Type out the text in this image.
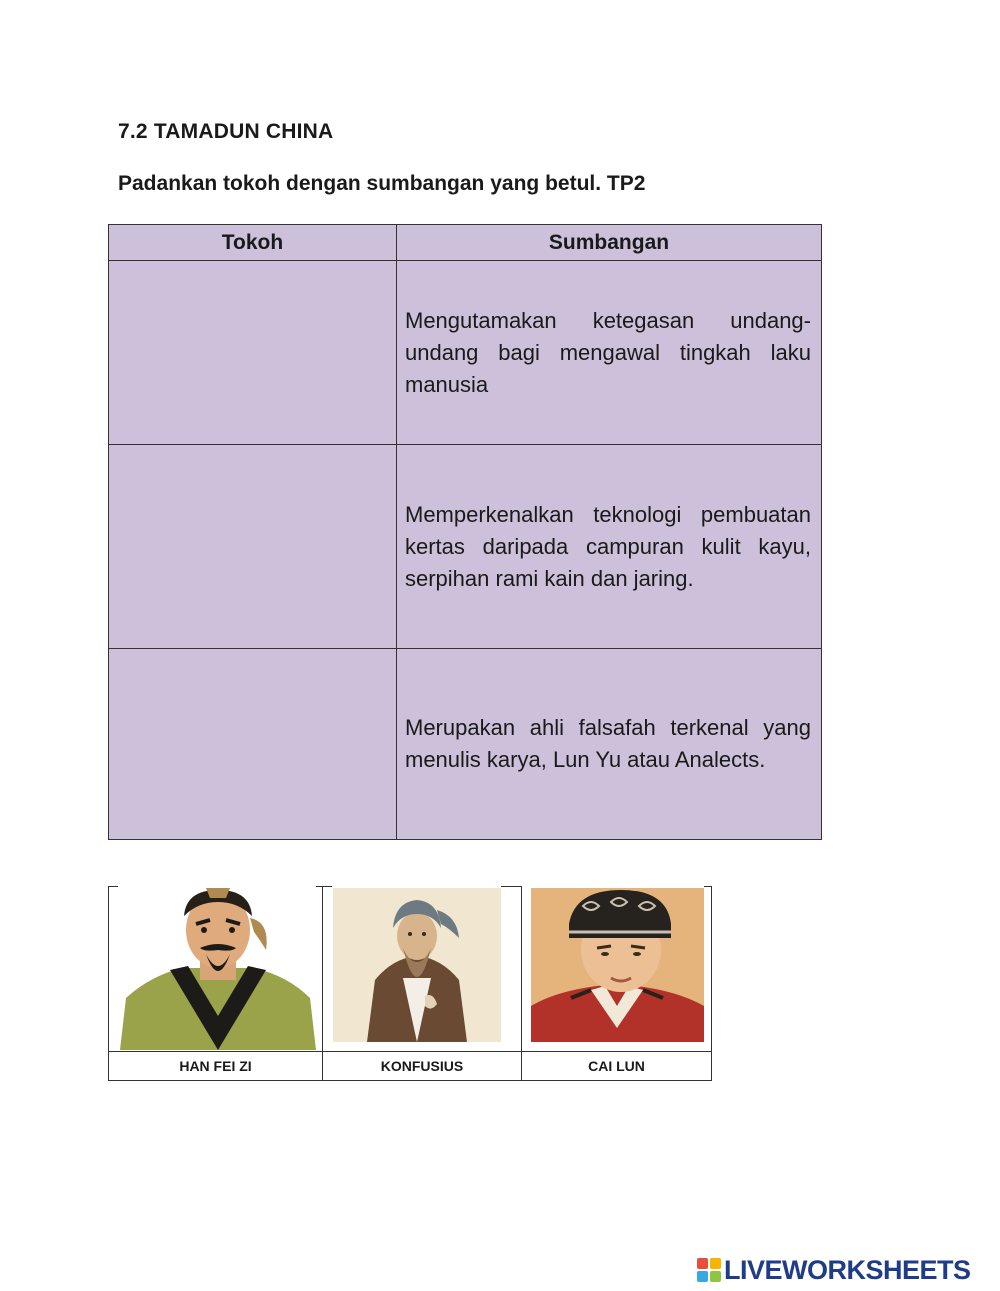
7.2 TAMADUN CHINA

Padankan tokoh dengan sumbangan yang betul. TP2

Tokoh	Sumbangan

	Mengutamakan ketegasan undang-undang bagi mengawal tingkah laku manusia

	Memperkenalkan teknologi pembuatan kertas daripada campuran kulit kayu, serpihan rami kain dan jaring.

	Merupakan ahli falsafah terkenal yang menulis karya, Lun Yu atau Analects.
HAN FEI ZI	KONFUSIUS	CAI LUN
LIVEWORKSHEETS
